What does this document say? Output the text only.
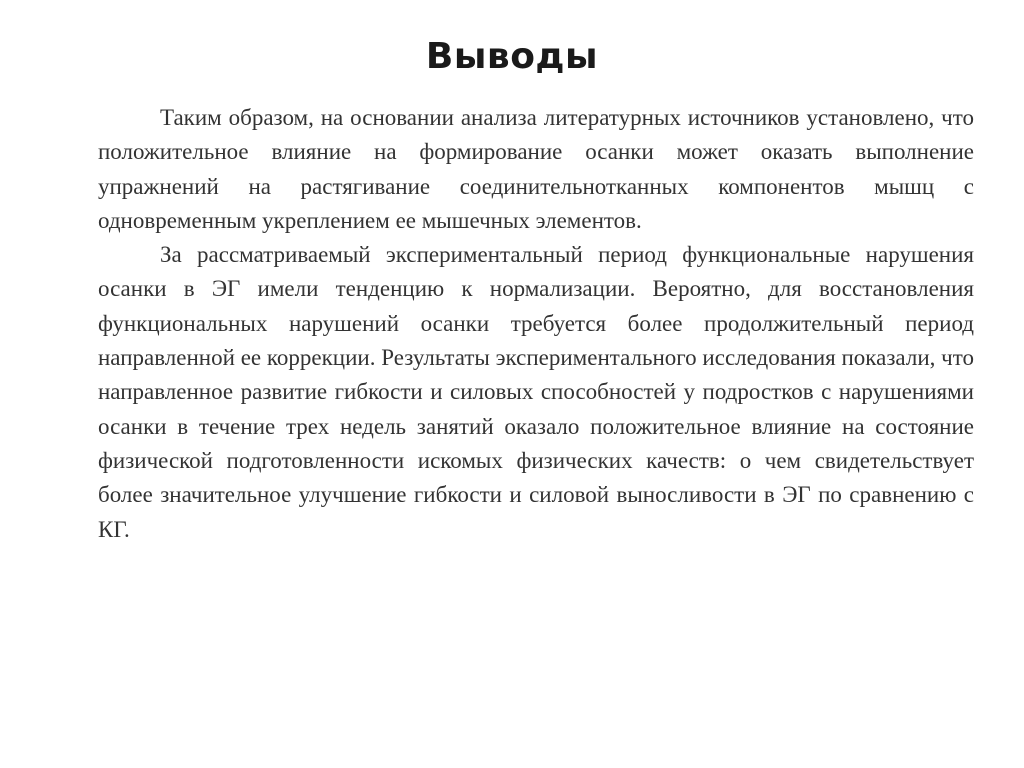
Выводы

Таким образом, на основании анализа литературных источников установлено, что положительное влияние на формирование осанки может оказать выполнение упражнений на растягивание соединительнотканных компонентов мышц с одновременным укреплением ее мышечных элементов.

За рассматриваемый экспериментальный период функциональные нарушения осанки в ЭГ имели тенденцию к нормализации. Вероятно, для восстановления функциональных нарушений осанки требуется более продолжительный период направленной ее коррекции. Результаты экспериментального исследования показали, что направленное развитие гибкости и силовых способностей у подростков с нарушениями осанки в течение трех недель занятий оказало положительное влияние на состояние физической подготовленности искомых физических качеств: о чем свидетельствует более значительное улучшение гибкости и силовой выносливости в ЭГ по сравнению с КГ.
